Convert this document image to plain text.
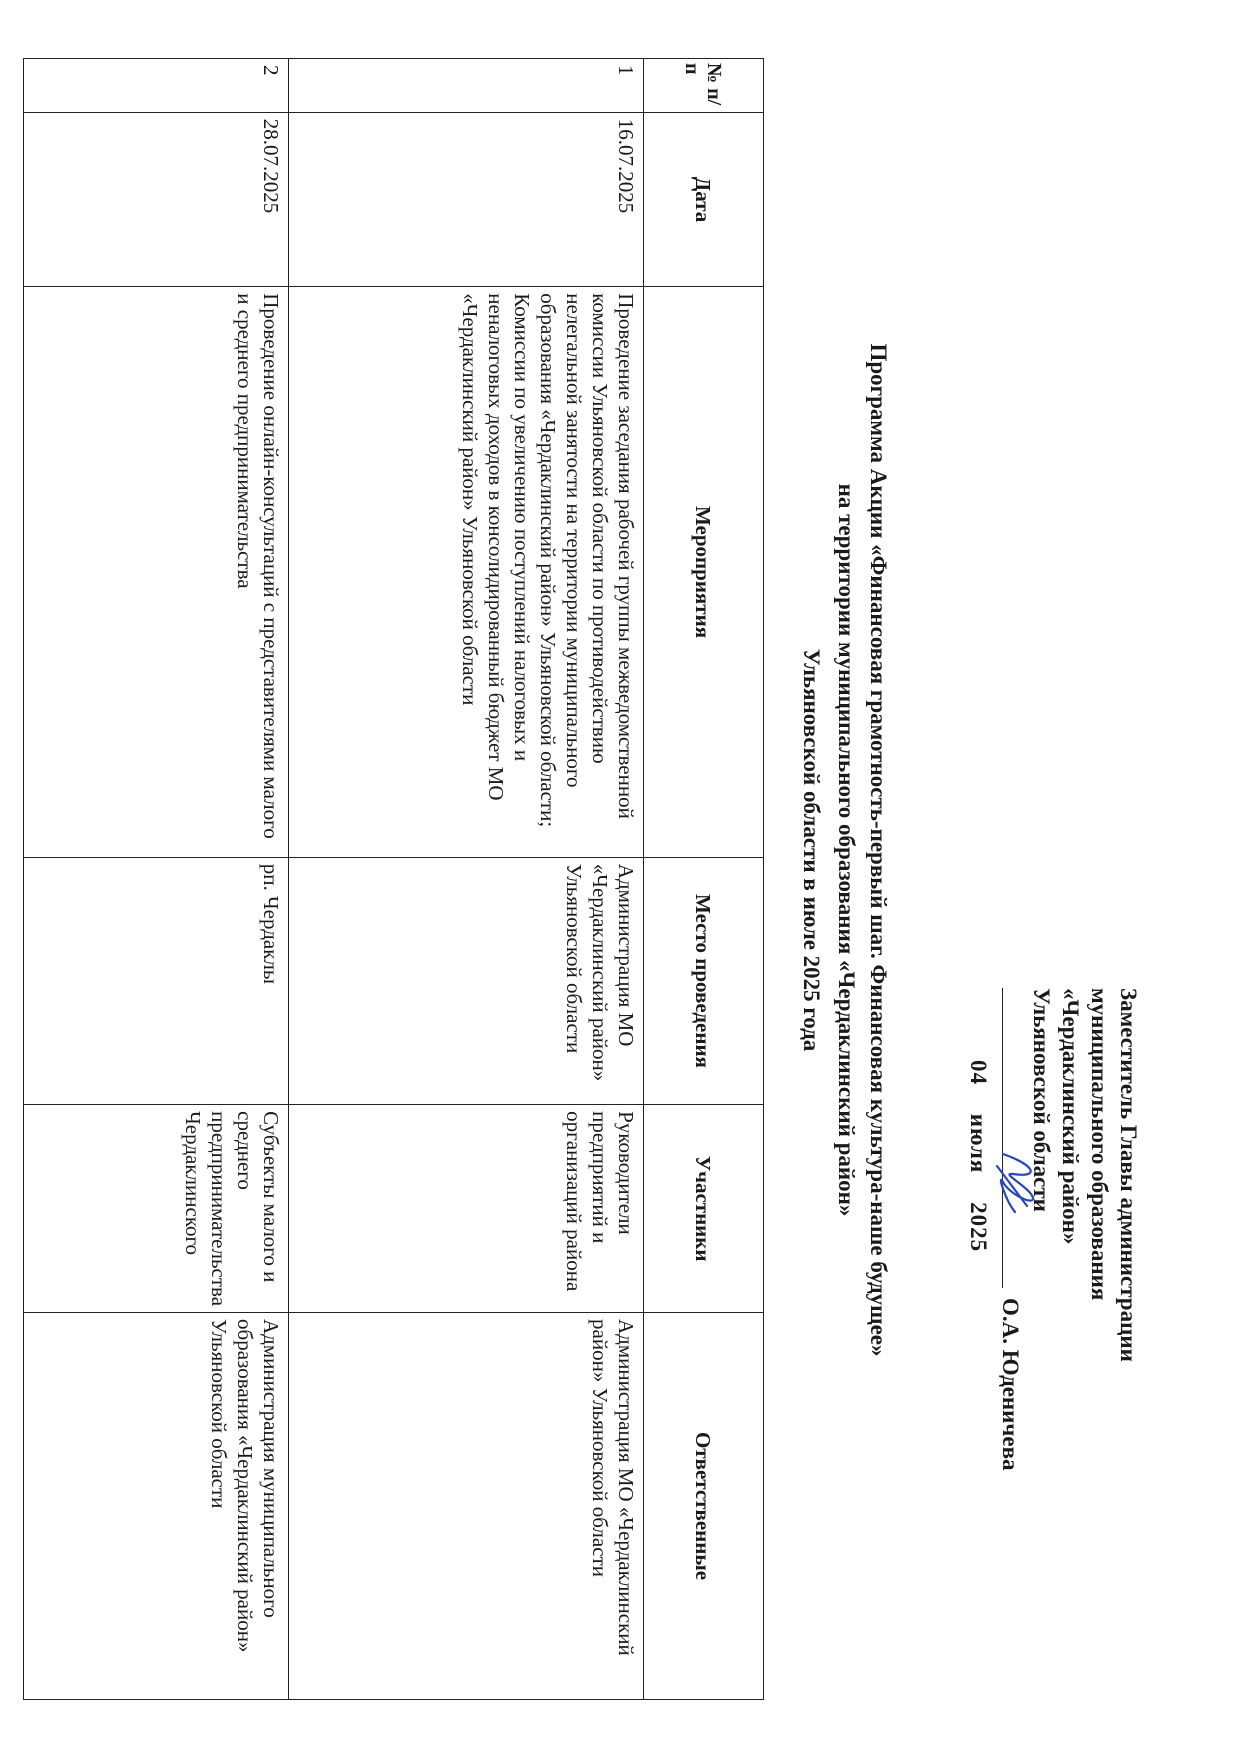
Заместитель Главы администрации
муниципального образования
«Чердаклинский район»
Ульяновской области
О.А. Юденичева
04 июля 2025
Программа Акции «Финансовая грамотность-первый шаг. Финансовая культура-наше будущее»
на территории муниципального образования «Чердаклинский район»
Ульяновской области в июле 2025 года
№ п/п	Дата	Мероприятия	Место проведения	Участники	Ответственные
1	16.07.2025	Проведение заседания рабочей группы межведомственной комиссии Ульяновской области по противодействию нелегальной занятости на территории муниципального образования «Чердаклинский район» Ульяновской области; Комиссии по увеличению поступлений налоговых и неналоговых доходов в консолидированный бюджет МО «Чердаклинский район» Ульяновской области	Администрация МО «Чердаклинский район» Ульяновской области	Руководители предприятий и организаций района	Администрация МО «Чердаклинский район» Ульяновской области
2	28.07.2025	Проведение онлайн-консультаций с представителями малого и среднего предпринимательства	рп. Чердаклы	Субъекты малого и среднего предпринимательства Чердаклинского	Администрация муниципального образования «Чердаклинский район» Ульяновской области
